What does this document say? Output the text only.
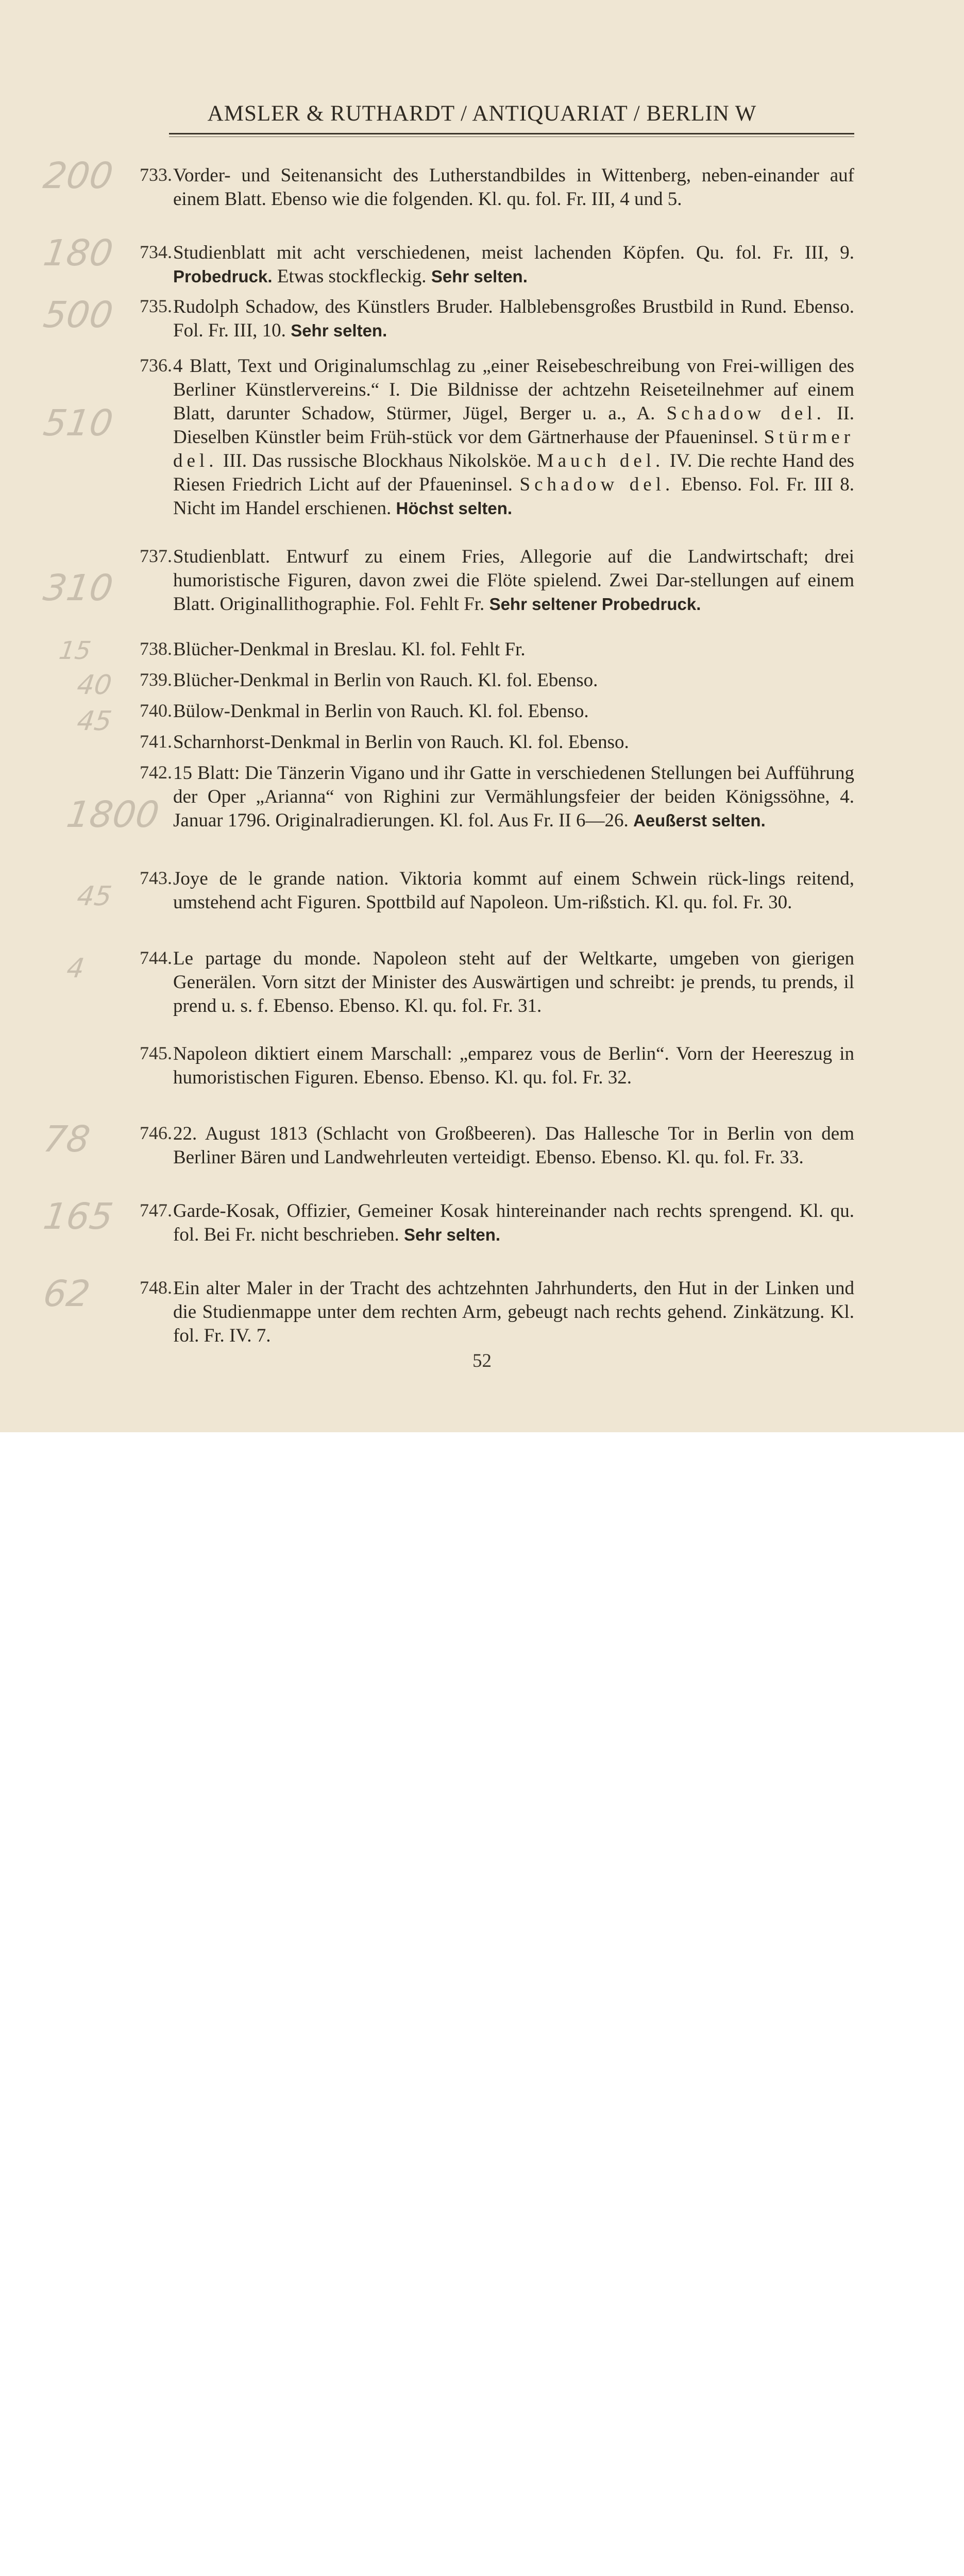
AMSLER & RUTHARDT / ANTIQUARIAT / BERLIN W
200
180
500
510
310
15
40
45
1800
45
4
78
165
62
733. Vorder- und Seitenansicht des Lutherstandbildes in Wittenberg, neben-einander auf einem Blatt. Ebenso wie die folgenden. Kl. qu. fol. Fr. III, 4 und 5.
734. Studienblatt mit acht verschiedenen, meist lachenden Köpfen. Qu. fol. Fr. III, 9. Probedruck. Etwas stockfleckig. Sehr selten.
735. Rudolph Schadow, des Künstlers Bruder. Halblebensgroßes Brustbild in Rund. Ebenso. Fol. Fr. III, 10. Sehr selten.
736. 4 Blatt, Text und Originalumschlag zu „einer Reisebeschreibung von Frei-willigen des Berliner Künstlervereins.“ I. Die Bildnisse der achtzehn Reiseteilnehmer auf einem Blatt, darunter Schadow, Stürmer, Jügel, Berger u. a., A. Schadow del. II. Dieselben Künstler beim Früh-stück vor dem Gärtnerhause der Pfaueninsel. Stürmer del. III. Das russische Blockhaus Nikolsköe. Mauch del. IV. Die rechte Hand des Riesen Friedrich Licht auf der Pfaueninsel. Schadow del. Ebenso. Fol. Fr. III 8. Nicht im Handel erschienen. Höchst selten.
737. Studienblatt. Entwurf zu einem Fries, Allegorie auf die Landwirtschaft; drei humoristische Figuren, davon zwei die Flöte spielend. Zwei Dar-stellungen auf einem Blatt. Originallithographie. Fol. Fehlt Fr. Sehr seltener Probedruck.
738. Blücher-Denkmal in Breslau. Kl. fol. Fehlt Fr.
739. Blücher-Denkmal in Berlin von Rauch. Kl. fol. Ebenso.
740. Bülow-Denkmal in Berlin von Rauch. Kl. fol. Ebenso.
741. Scharnhorst-Denkmal in Berlin von Rauch. Kl. fol. Ebenso.
742. 15 Blatt: Die Tänzerin Vigano und ihr Gatte in verschiedenen Stellungen bei Aufführung der Oper „Arianna“ von Righini zur Vermählungsfeier der beiden Königssöhne, 4. Januar 1796. Originalradierungen. Kl. fol. Aus Fr. II 6—26. Aeußerst selten.
743. Joye de le grande nation. Viktoria kommt auf einem Schwein rück-lings reitend, umstehend acht Figuren. Spottbild auf Napoleon. Um-rißstich. Kl. qu. fol. Fr. 30.
744. Le partage du monde. Napoleon steht auf der Weltkarte, umgeben von gierigen Generälen. Vorn sitzt der Minister des Auswärtigen und schreibt: je prends, tu prends, il prend u. s. f. Ebenso. Ebenso. Kl. qu. fol. Fr. 31.
745. Napoleon diktiert einem Marschall: „emparez vous de Berlin“. Vorn der Heereszug in humoristischen Figuren. Ebenso. Ebenso. Kl. qu. fol. Fr. 32.
746. 22. August 1813 (Schlacht von Großbeeren). Das Hallesche Tor in Berlin von dem Berliner Bären und Landwehrleuten verteidigt. Ebenso. Ebenso. Kl. qu. fol. Fr. 33.
747. Garde-Kosak, Offizier, Gemeiner Kosak hintereinander nach rechts sprengend. Kl. qu. fol. Bei Fr. nicht beschrieben. Sehr selten.
748. Ein alter Maler in der Tracht des achtzehnten Jahrhunderts, den Hut in der Linken und die Studienmappe unter dem rechten Arm, gebeugt nach rechts gehend. Zinkätzung. Kl. fol. Fr. IV. 7.
52
